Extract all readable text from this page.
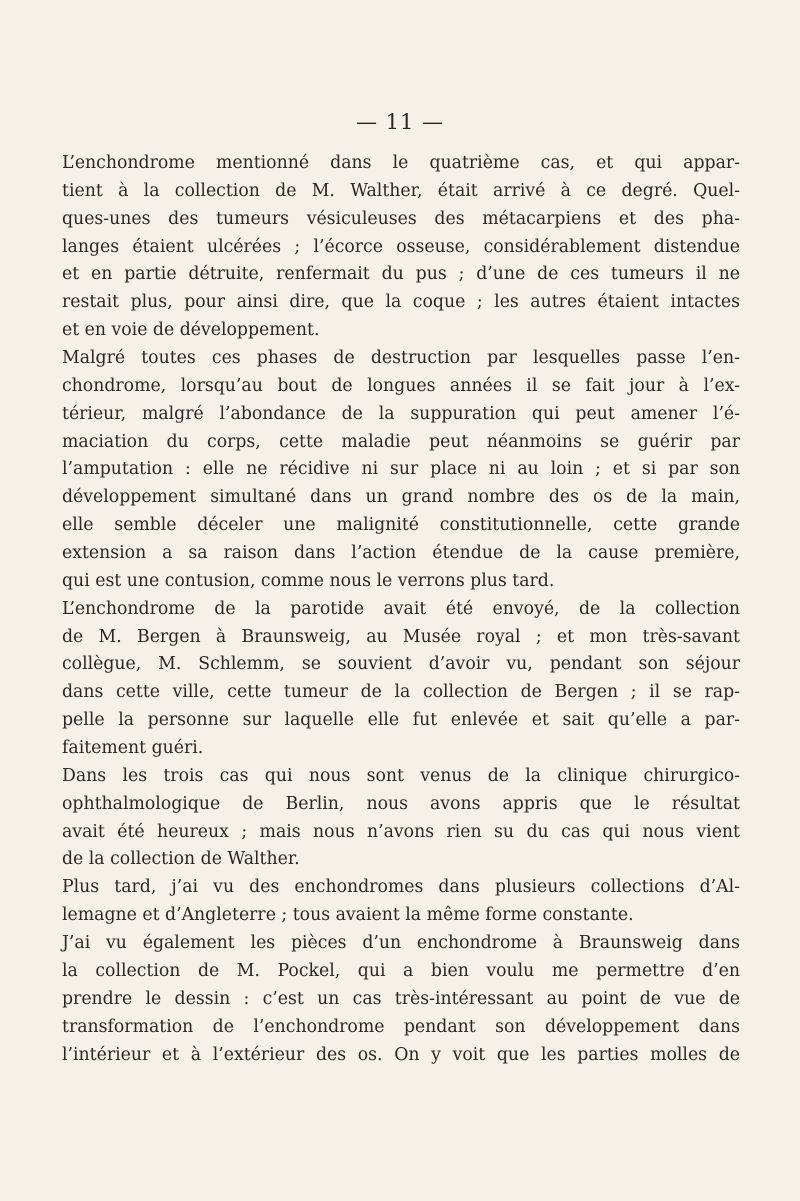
— 11 —
L’enchondrome mentionné dans le quatrième cas, et qui appar-
tient à la collection de M. Walther, était arrivé à ce degré. Quel-
ques-unes des tumeurs vésiculeuses des métacarpiens et des pha-
langes étaient ulcérées ; l’écorce osseuse, considérablement distendue
et en partie détruite, renfermait du pus ; d’une de ces tumeurs il ne
restait plus, pour ainsi dire, que la coque ; les autres étaient intactes
et en voie de développement.
Malgré toutes ces phases de destruction par lesquelles passe l’en-
chondrome, lorsqu’au bout de longues années il se fait jour à l’ex-
térieur, malgré l’abondance de la suppuration qui peut amener l’é-
maciation du corps, cette maladie peut néanmoins se guérir par
l’amputation : elle ne récidive ni sur place ni au loin ; et si par son
développement simultané dans un grand nombre des os de la main,
elle semble déceler une malignité constitutionnelle, cette grande
extension a sa raison dans l’action étendue de la cause première,
qui est une contusion, comme nous le verrons plus tard.
L’enchondrome de la parotide avait été envoyé, de la collection
de M. Bergen à Braunsweig, au Musée royal ; et mon très-savant
collègue, M. Schlemm, se souvient d’avoir vu, pendant son séjour
dans cette ville, cette tumeur de la collection de Bergen ; il se rap-
pelle la personne sur laquelle elle fut enlevée et sait qu’elle a par-
faitement guéri.
Dans les trois cas qui nous sont venus de la clinique chirurgico-
ophthalmologique de Berlin, nous avons appris que le résultat
avait été heureux ; mais nous n’avons rien su du cas qui nous vient
de la collection de Walther.
Plus tard, j’ai vu des enchondromes dans plusieurs collections d’Al-
lemagne et d’Angleterre ; tous avaient la même forme constante.
J’ai vu également les pièces d’un enchondrome à Braunsweig dans
la collection de M. Pockel, qui a bien voulu me permettre d’en
prendre le dessin : c’est un cas très-intéressant au point de vue de
transformation de l’enchondrome pendant son développement dans
l’intérieur et à l’extérieur des os. On y voit que les parties molles de
